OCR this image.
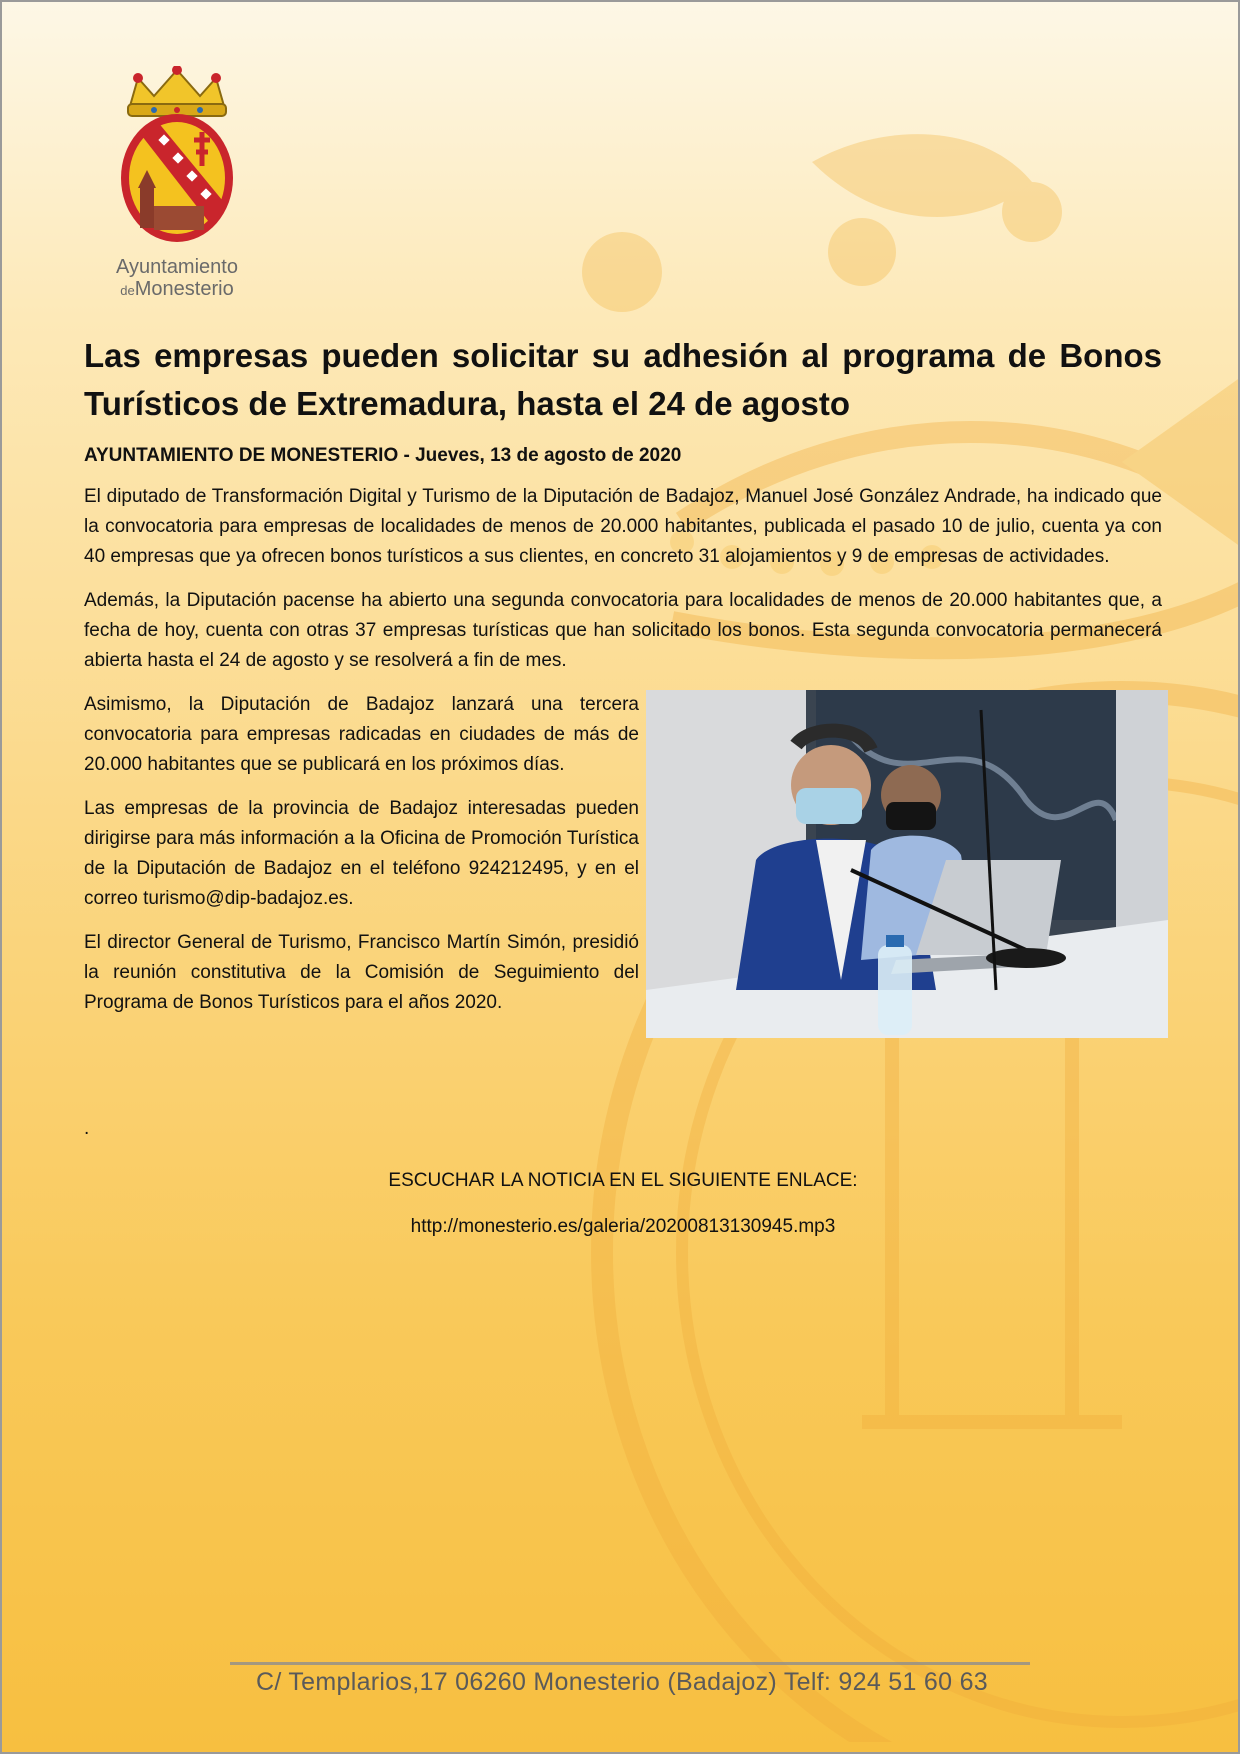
Ayuntamiento
deMonesterio
Las empresas pueden solicitar su adhesión al programa de Bonos Turísticos de Extremadura, hasta el 24 de agosto
AYUNTAMIENTO DE MONESTERIO - Jueves, 13 de agosto de 2020

El diputado de Transformación Digital y Turismo de la Diputación de Badajoz, Manuel José González Andrade, ha indicado que la convocatoria para empresas de localidades de menos de 20.000 habitantes, publicada el pasado 10 de julio, cuenta ya con 40 empresas que ya ofrecen bonos turísticos a sus clientes, en concreto 31 alojamientos y 9 de empresas de actividades.

Además, la Diputación pacense ha abierto una segunda convocatoria para localidades de menos de 20.000 habitantes que, a fecha de hoy, cuenta con otras 37 empresas turísticas que han solicitado los bonos. Esta segunda convocatoria permanecerá abierta hasta el 24 de agosto y se resolverá a fin de mes.

Asimismo, la Diputación de Badajoz lanzará una tercera convocatoria para empresas radicadas en ciudades de más de 20.000 habitantes que se publicará en los próximos días.

Las empresas de la provincia de Badajoz interesadas pueden dirigirse para más información a la Oficina de Promoción Turística de la Diputación de Badajoz en el teléfono 924212495, y en el correo turismo@dip-badajoz.es.

El director General de Turismo, Francisco Martín Simón, presidió la reunión constitutiva de la Comisión de Seguimiento del Programa de Bonos Turísticos para el años 2020.

.

ESCUCHAR LA NOTICIA EN EL SIGUIENTE ENLACE:

http://monesterio.es/galeria/20200813130945.mp3
C/ Templarios,17 06260 Monesterio (Badajoz) Telf: 924 51 60 63
